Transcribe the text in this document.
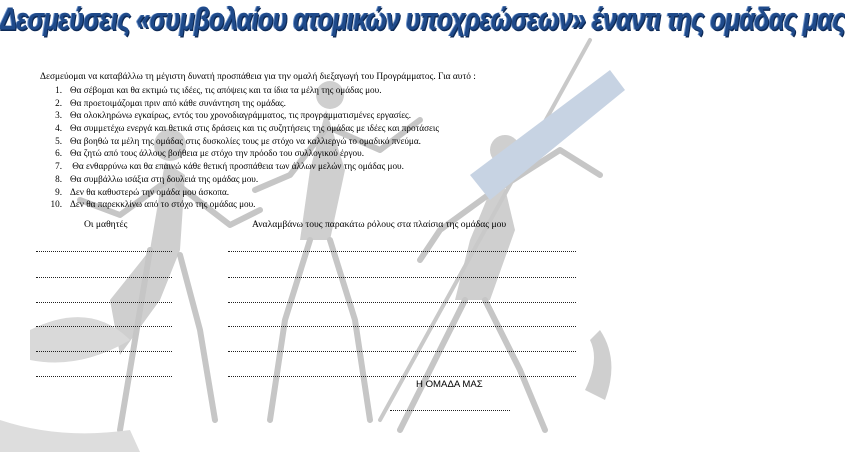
Δεσμεύσεις «συμβολαίου ατομικών υποχρεώσεων» έναντι της ομάδας μας
Δεσμεύομαι να καταβάλλω τη μέγιστη δυνατή προσπάθεια για την ομαλή διεξαγωγή του Προγράμματος. Για αυτό :
1. Θα σέβομαι και θα εκτιμώ τις ιδέες, τις απόψεις και τα ίδια τα μέλη της ομάδας μου.
2. Θα προετοιμάζομαι πριν από κάθε συνάντηση της ομάδας.
3. Θα ολοκληρώνω εγκαίρως, εντός του χρονοδιαγράμματος, τις προγραμματισμένες εργασίες.
4. Θα συμμετέχω ενεργά και θετικά στις δράσεις και τις συζητήσεις της ομάδας με ιδέες και προτάσεις
5. Θα βοηθώ τα μέλη της ομάδας στις δυσκολίες τους με στόχο να καλλιεργώ το ομαδικό πνεύμα.
6. Θα ζητώ από τους άλλους βοήθεια με στόχο την πρόοδο του συλλογικού έργου.
7. Θα ενθαρρύνω και θα επαινώ κάθε θετική προσπάθεια των άλλων μελών της ομάδας μου.
8. Θα συμβάλλω ισάξια στη δουλειά της ομάδας μου.
9. Δεν θα καθυστερώ την ομάδα μου άσκοπα.
10. Δεν θα παρεκκλίνω από το στόχο της ομάδας μου.
Οι μαθητές	Αναλαμβάνω τους παρακάτω ρόλους στα πλαίσια της ομάδας μου
Η ΟΜΑΔΑ ΜΑΣ
